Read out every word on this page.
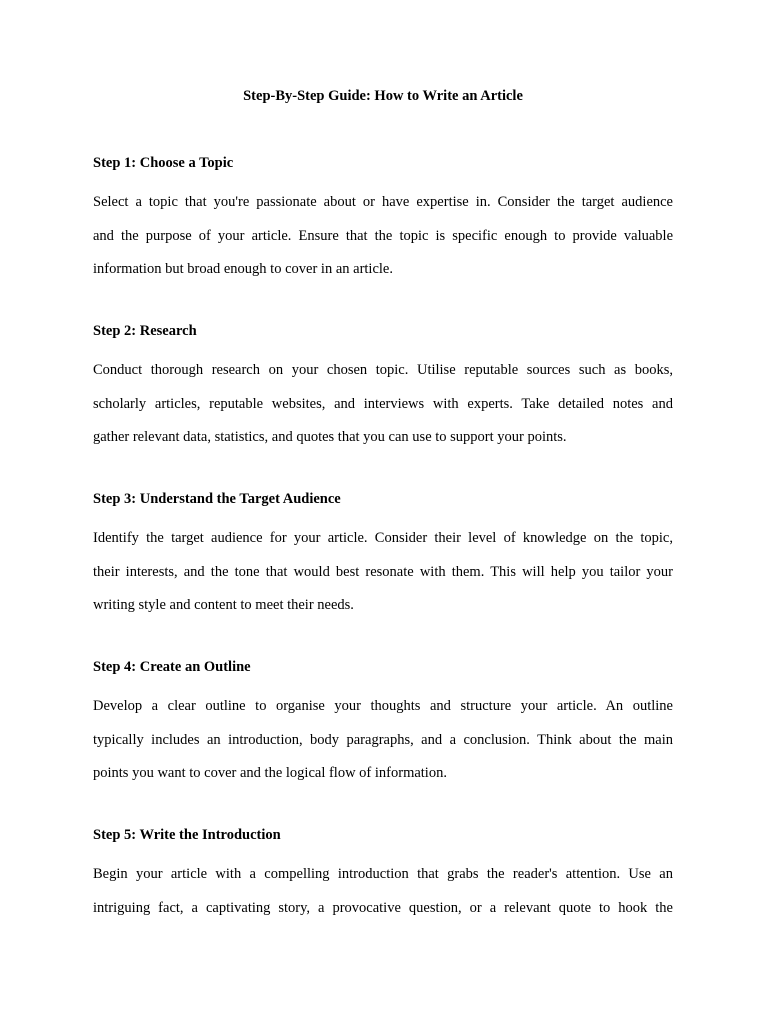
Step-By-Step Guide: How to Write an Article
Step 1: Choose a Topic

Select a topic that you're passionate about or have expertise in. Consider the target audience
and the purpose of your article. Ensure that the topic is specific enough to provide valuable
information but broad enough to cover in an article.

Step 2: Research

Conduct thorough research on your chosen topic. Utilise reputable sources such as books,
scholarly articles, reputable websites, and interviews with experts. Take detailed notes and
gather relevant data, statistics, and quotes that you can use to support your points.

Step 3: Understand the Target Audience

Identify the target audience for your article. Consider their level of knowledge on the topic,
their interests, and the tone that would best resonate with them. This will help you tailor your
writing style and content to meet their needs.

Step 4: Create an Outline

Develop a clear outline to organise your thoughts and structure your article. An outline
typically includes an introduction, body paragraphs, and a conclusion. Think about the main
points you want to cover and the logical flow of information.

Step 5: Write the Introduction

Begin your article with a compelling introduction that grabs the reader's attention. Use an
intriguing fact, a captivating story, a provocative question, or a relevant quote to hook the
